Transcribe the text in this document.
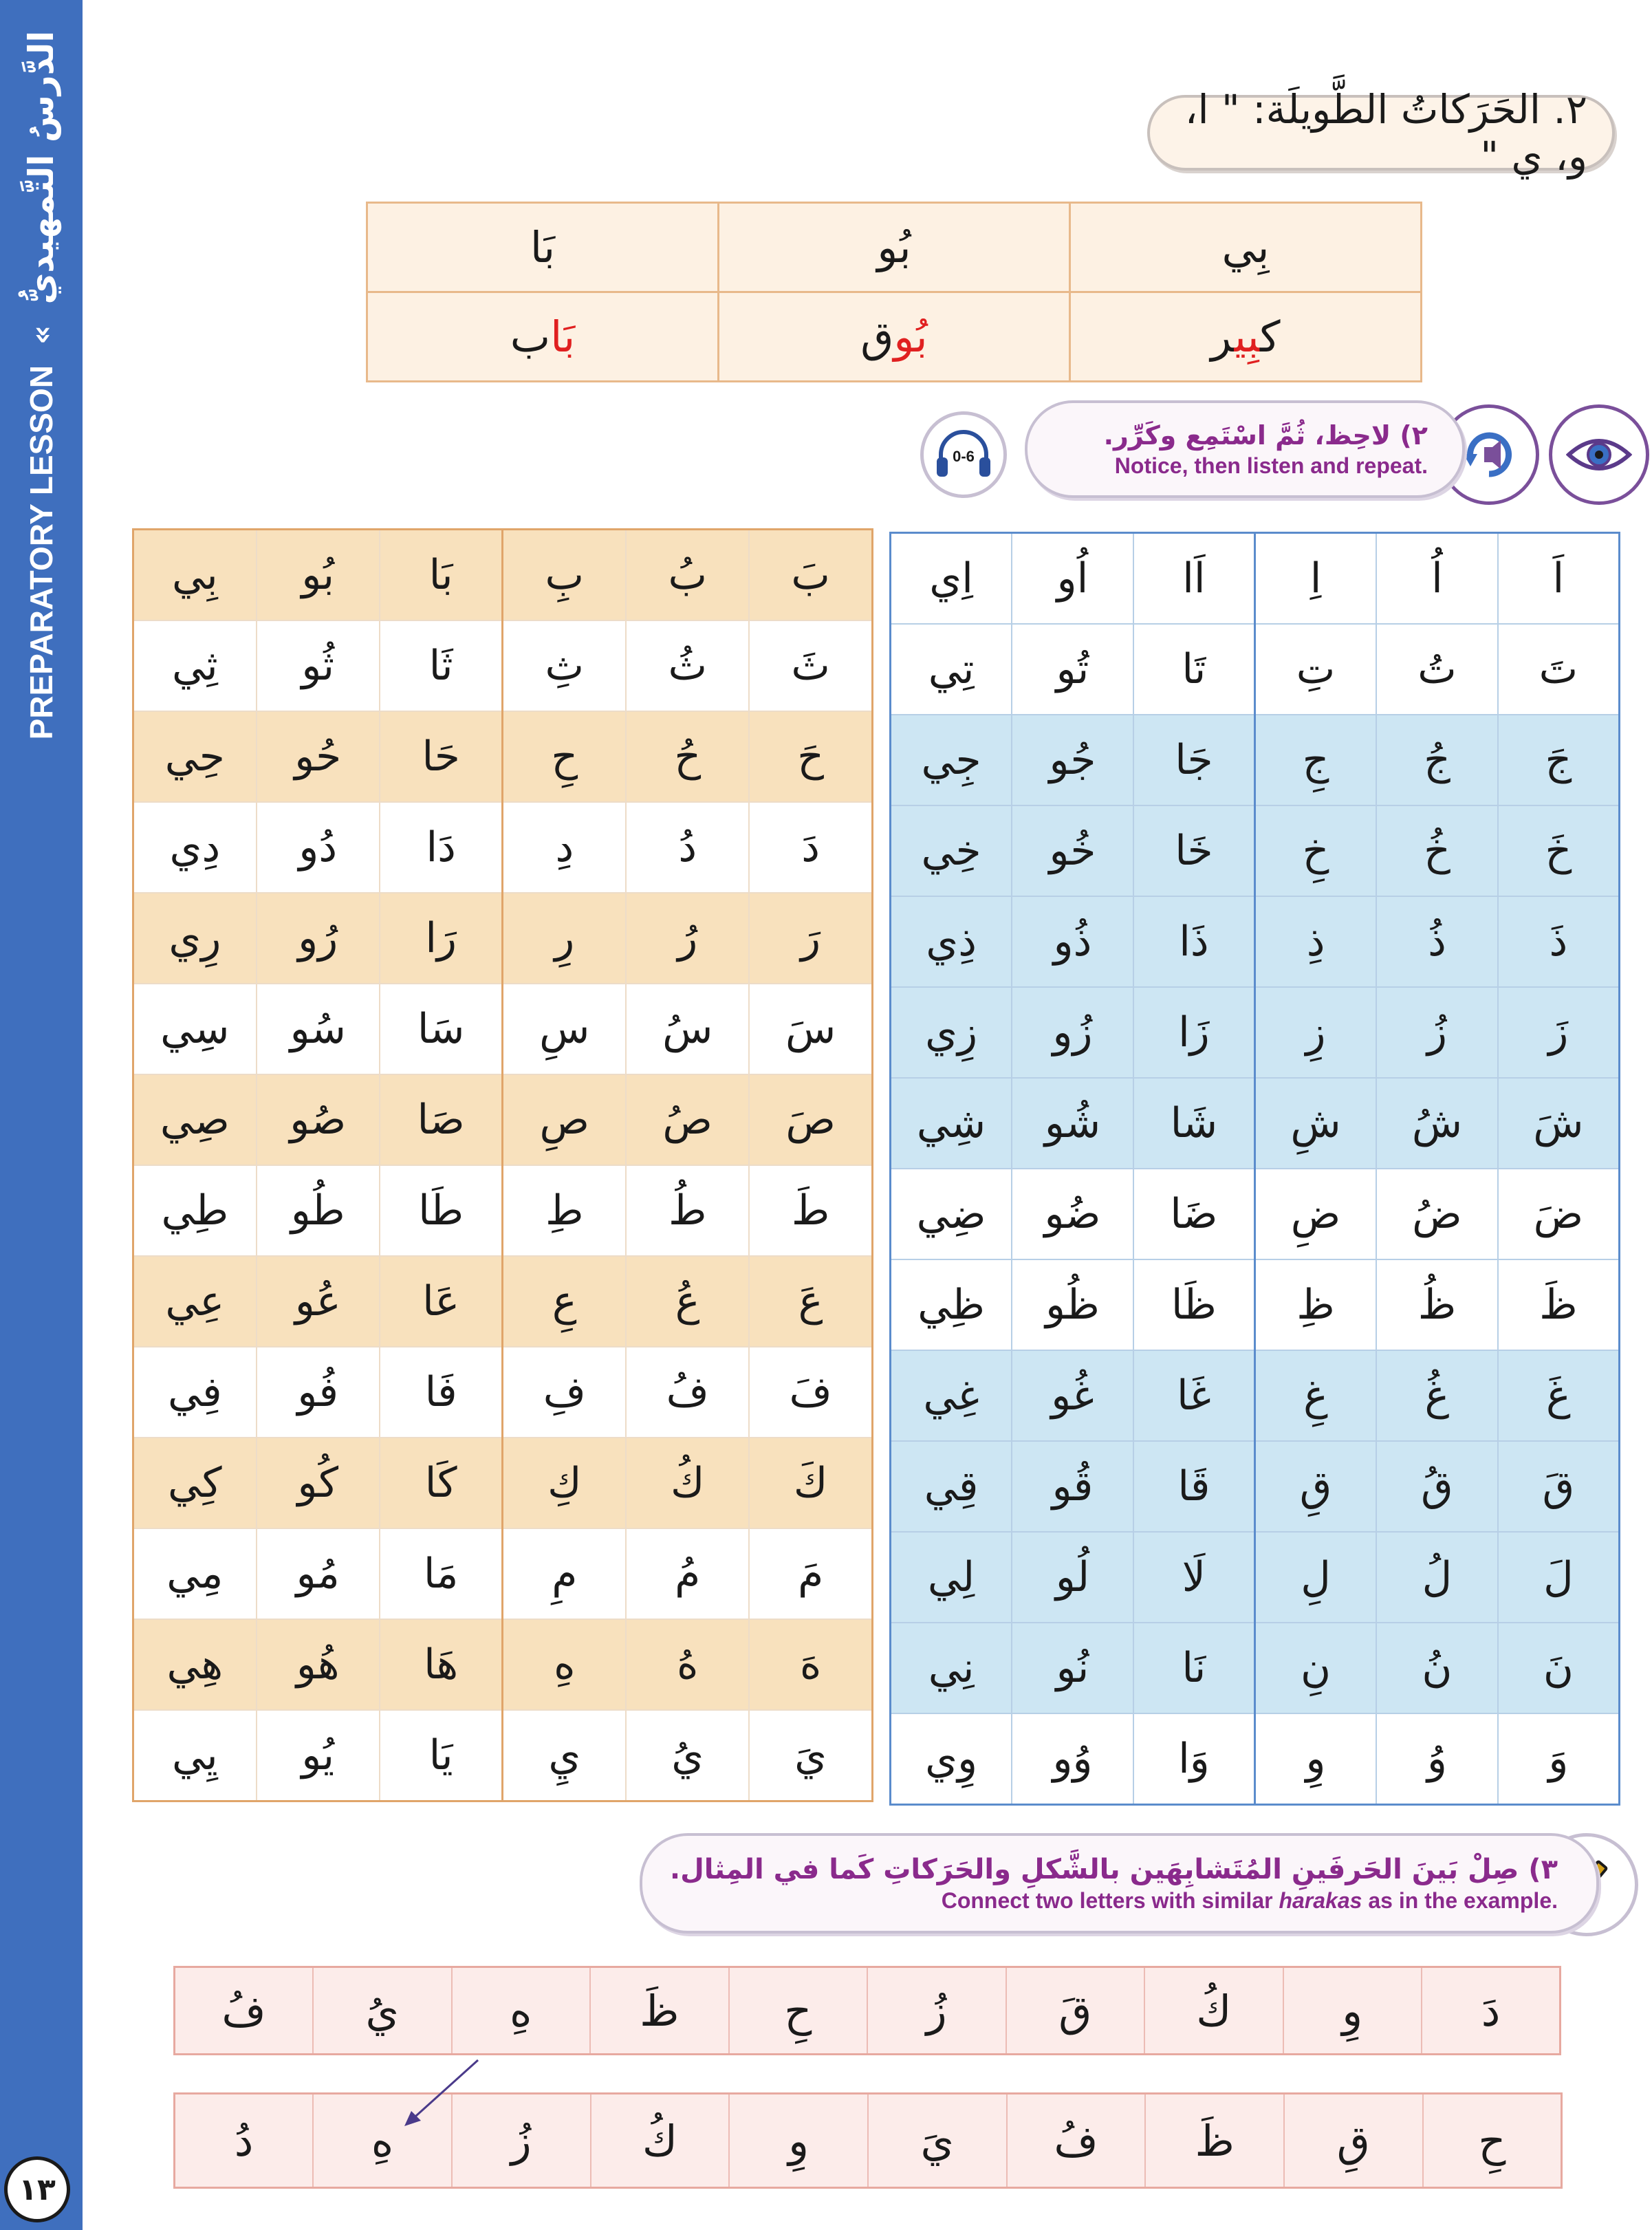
PREPARATORY LESSON
«
الدَّرسُ التَّمهيديُّ
١٣
٢. الحَرَكاتُ الطَّويلَة: " ا، و، ي "
بَا	بُو	بِي
بَاب	بُوق	كبِير
٢) لاحِظ، ثُمَّ اسْتَمِع وكَرِّر.
Notice, then listen and repeat.
0-6
اِي	اُو	اَا	اِ	اُ	اَ
تِي	تُو	تَا	تِ	تُ	تَ
جِي	جُو	جَا	جِ	جُ	جَ
خِي	خُو	خَا	خِ	خُ	خَ
ذِي	ذُو	ذَا	ذِ	ذُ	ذَ
زِي	زُو	زَا	زِ	زُ	زَ
شِي	شُو	شَا	شِ	شُ	شَ
ضِي	ضُو	ضَا	ضِ	ضُ	ضَ
ظِي	ظُو	ظَا	ظِ	ظُ	ظَ
غِي	غُو	غَا	غِ	غُ	غَ
قِي	قُو	قَا	قِ	قُ	قَ
لِي	لُو	لَا	لِ	لُ	لَ
نِي	نُو	نَا	نِ	نُ	نَ
وِي	وُو	وَا	وِ	وُ	وَ
بِي	بُو	بَا	بِ	بُ	بَ
ثِي	ثُو	ثَا	ثِ	ثُ	ثَ
حِي	حُو	حَا	حِ	حُ	حَ
دِي	دُو	دَا	دِ	دُ	دَ
رِي	رُو	رَا	رِ	رُ	رَ
سِي	سُو	سَا	سِ	سُ	سَ
صِي	صُو	صَا	صِ	صُ	صَ
طِي	طُو	طَا	طِ	طُ	طَ
عِي	عُو	عَا	عِ	عُ	عَ
فِي	فُو	فَا	فِ	فُ	فَ
كِي	كُو	كَا	كِ	كُ	كَ
مِي	مُو	مَا	مِ	مُ	مَ
هِي	هُو	هَا	هِ	هُ	هَ
يِي	يُو	يَا	يِ	يُ	يَ
٣) صِلْ بَينَ الحَرفَينِ المُتَشابِهَين بالشَّكلِ والحَرَكاتِ كَما في المِثال.
Connect two letters with similar harakas as in the example.
فُ	يُ	هِ	ظَ	حِ	زُ	قَ	كُ	وِ	دَ
دُ	هِ	زُ	كُ	وِ	يَ	فُ	ظَ	قِ	حِ
